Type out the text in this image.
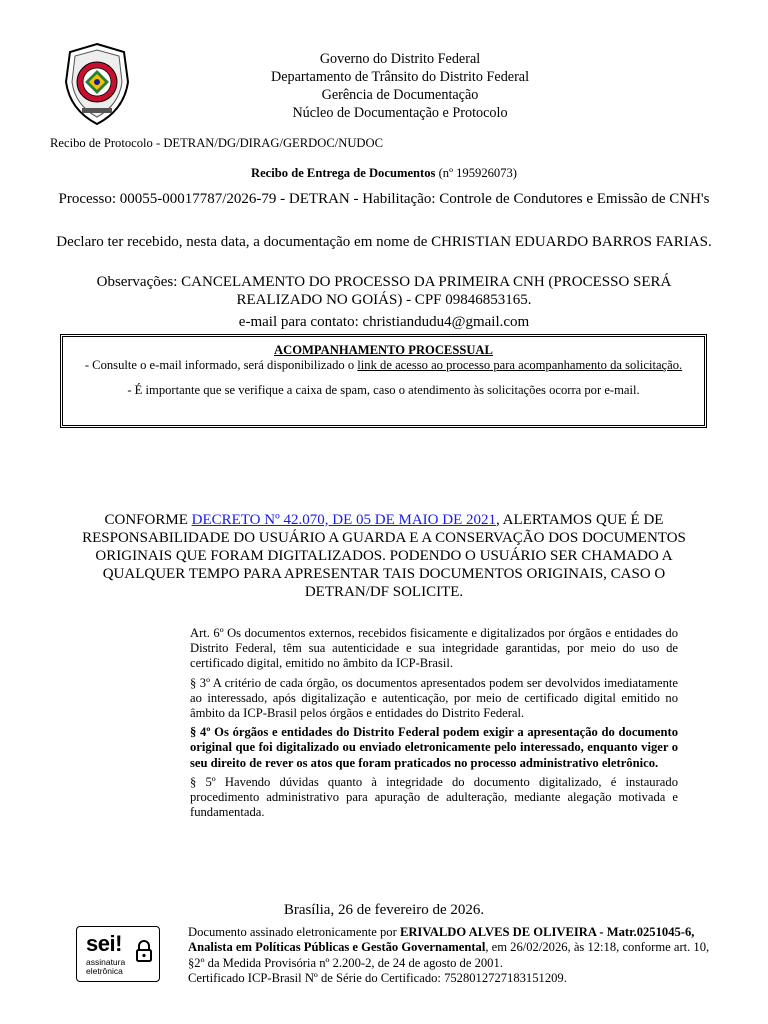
Governo do Distrito Federal
Departamento de Trânsito do Distrito Federal
Gerência de Documentação
Núcleo de Documentação e Protocolo
Recibo de Protocolo - DETRAN/DG/DIRAG/GERDOC/NUDOC
Recibo de Entrega de Documentos (nº 195926073)
Processo: 00055-00017787/2026-79 - DETRAN - Habilitação: Controle de Condutores e Emissão de CNH's
Declaro ter recebido, nesta data, a documentação em nome de CHRISTIAN EDUARDO BARROS FARIAS.
Observações: CANCELAMENTO DO PROCESSO DA PRIMEIRA CNH (PROCESSO SERÁ REALIZADO NO GOIÁS) - CPF 09846853165.
e-mail para contato: christiandudu4@gmail.com
ACOMPANHAMENTO PROCESSUAL
- Consulte o e-mail informado, será disponibilizado o link de acesso ao processo para acompanhamento da solicitação.
- É importante que se verifique a caixa de spam, caso o atendimento às solicitações ocorra por e-mail.
CONFORME DECRETO Nº 42.070, DE 05 DE MAIO DE 2021, ALERTAMOS QUE É DE RESPONSABILIDADE DO USUÁRIO A GUARDA E A CONSERVAÇÃO DOS DOCUMENTOS ORIGINAIS QUE FORAM DIGITALIZADOS. PODENDO O USUÁRIO SER CHAMADO A QUALQUER TEMPO PARA APRESENTAR TAIS DOCUMENTOS ORIGINAIS, CASO O DETRAN/DF SOLICITE.

Art. 6º Os documentos externos, recebidos fisicamente e digitalizados por órgãos e entidades do Distrito Federal, têm sua autenticidade e sua integridade garantidas, por meio do uso de certificado digital, emitido no âmbito da ICP-Brasil.

§ 3º A critério de cada órgão, os documentos apresentados podem ser devolvidos imediatamente ao interessado, após digitalização e autenticação, por meio de certificado digital emitido no âmbito da ICP-Brasil pelos órgãos e entidades do Distrito Federal.

§ 4º Os órgãos e entidades do Distrito Federal podem exigir a apresentação do documento original que foi digitalizado ou enviado eletronicamente pelo interessado, enquanto viger o seu direito de rever os atos que foram praticados no processo administrativo eletrônico.

§ 5º Havendo dúvidas quanto à integridade do documento digitalizado, é instaurado procedimento administrativo para apuração de adulteração, mediante alegação motivada e fundamentada.

Brasília, 26 de fevereiro de 2026.
sei!
assinatura
eletrônica
Documento assinado eletronicamente por ERIVALDO ALVES DE OLIVEIRA - Matr.0251045-6, Analista em Políticas Públicas e Gestão Governamental, em 26/02/2026, às 12:18, conforme art. 10, §2º da Medida Provisória nº 2.200-2, de 24 de agosto de 2001.
Certificado ICP-Brasil Nº de Série do Certificado: 7528012727183151209.
